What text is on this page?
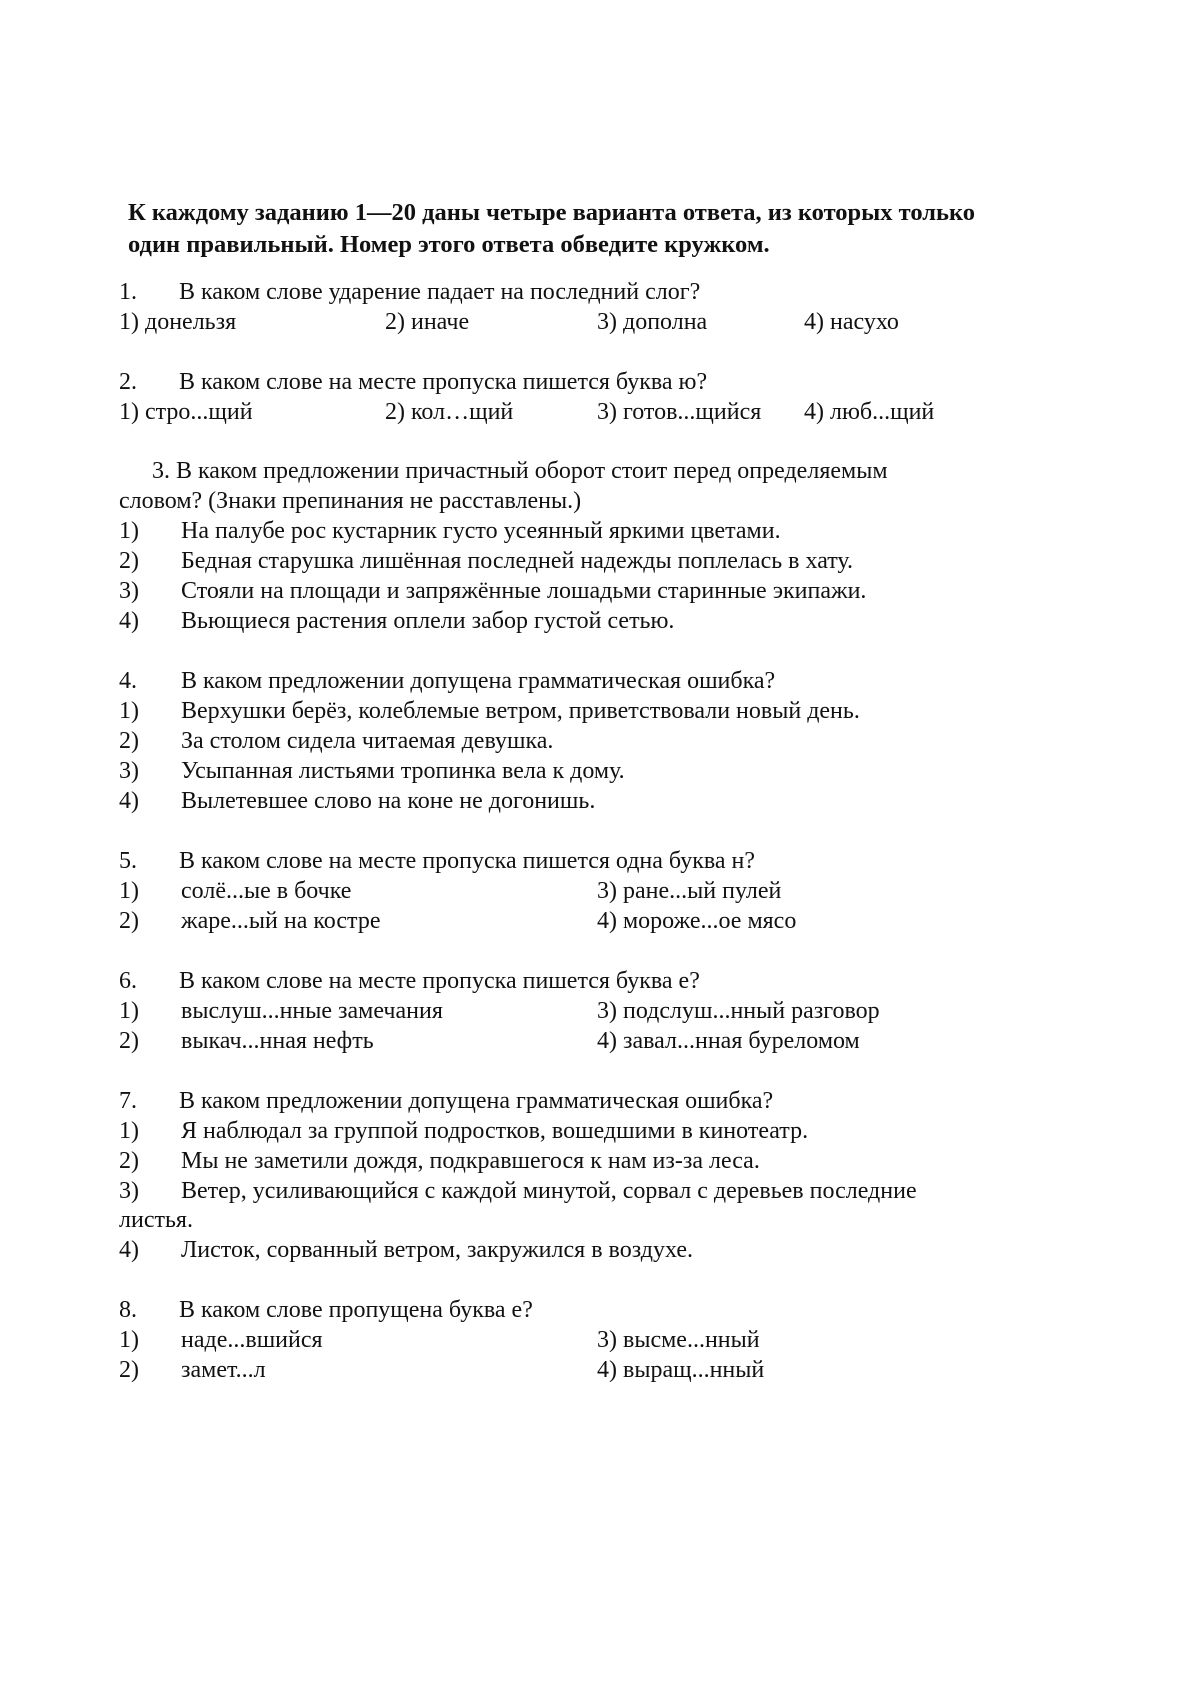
К каждому заданию 1—20 даны четыре варианта ответа, из которых только
один правильный. Номер этого ответа обведите кружком.
1. В каком слове ударение падает на последний слог?
1) донельзя	2) иначе	3) дополна	4) насухо
2. В каком слове на месте пропуска пишется буква ю?
1) стро...щий	2) кол…щий	3) готов...щийся 4) люб...щий
3. В каком предложении причастный оборот стоит перед определяемым
словом? (Знаки препинания не расставлены.)
1) На палубе рос кустарник густо усеянный яркими цветами.
2) Бедная старушка лишённая последней надежды поплелась в хату.
3) Стояли на площади и запряжённые лошадьми старинные экипажи.
4) Вьющиеся растения оплели забор густой сетью.
4. В каком предложении допущена грамматическая ошибка?
1) Верхушки берёз, колеблемые ветром, приветствовали новый день.
2) За столом сидела читаемая девушка.
3) Усыпанная листьями тропинка вела к дому.
4) Вылетевшее слово на коне не догонишь.
5. В каком слове на месте пропуска пишется одна буква н?
1) солё...ые в бочке	3) ране...ый пулей
2) жаре...ый на костре	4) мороже...ое мясо
6. В каком слове на месте пропуска пишется буква е?
1) выслуш...нные замечания	3) подслуш...нный разговор
2) выкач...нная нефть	4) завал...нная буреломом
7. В каком предложении допущена грамматическая ошибка?
1) Я наблюдал за группой подростков, вошедшими в кинотеатр.
2) Мы не заметили дождя, подкравшегося к нам из-за леса.
3) Ветер, усиливающийся с каждой минутой, сорвал с деревьев последние
листья.
4) Листок, сорванный ветром, закружился в воздухе.
8. В каком слове пропущена буква е?
1) наде...вшийся	3) высме...нный
2) замет...л	4) выращ...нный
